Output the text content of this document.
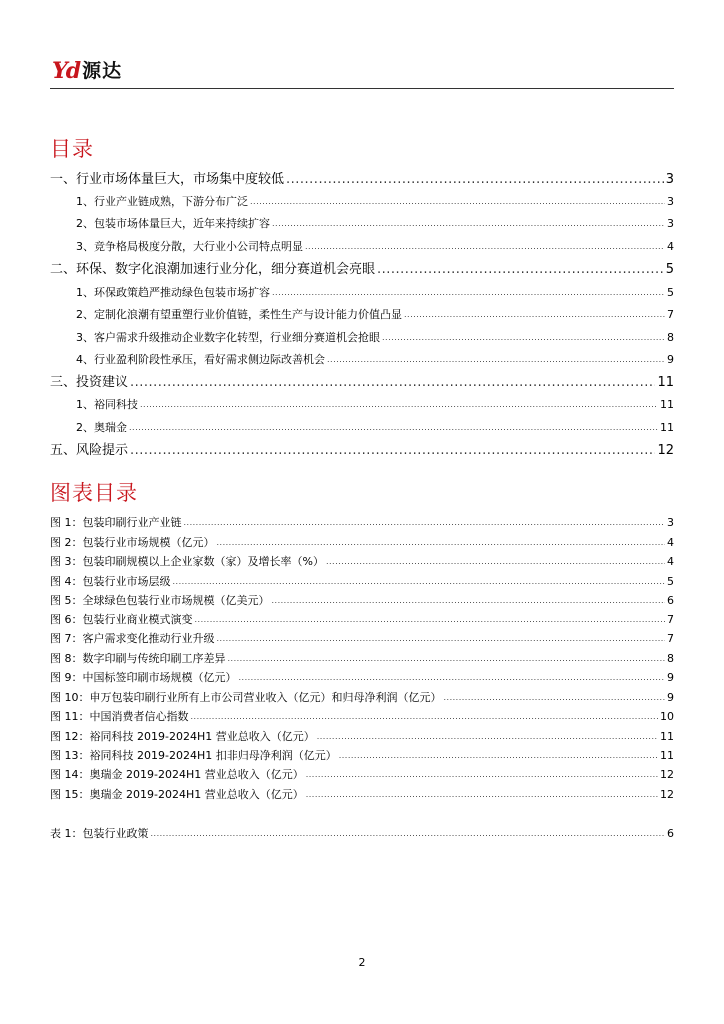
Yd 源达
目录
一、行业市场体量巨大，市场集中度较低 .....	3
1、行业产业链成熟，下游分布广泛 .....	3
2、包装市场体量巨大，近年来持续扩容 .....	3
3、竞争格局极度分散，大行业小公司特点明显 .....	4
二、环保、数字化浪潮加速行业分化，细分赛道机会亮眼 .....	5
1、环保政策趋严推动绿色包装市场扩容 .....	5
2、定制化浪潮有望重塑行业价值链，柔性生产与设计能力价值凸显 .....	7
3、客户需求升级推动企业数字化转型，行业细分赛道机会抢眼 .....	8
4、行业盈利阶段性承压，看好需求侧边际改善机会 .....	9
三、投资建议 .....	11
1、裕同科技 .....	11
2、奥瑞金 .....	11
五、风险提示 .....	12
图表目录
图 1：包装印刷行业产业链 .....	3
图 2：包装行业市场规模（亿元） .....	4
图 3：包装印刷规模以上企业家数（家）及增长率（%） .....	4
图 4：包装行业市场层级 .....	5
图 5：全球绿色包装行业市场规模（亿美元） .....	6
图 6：包装行业商业模式演变 .....	7
图 7：客户需求变化推动行业升级 .....	7
图 8：数字印刷与传统印刷工序差异 .....	8
图 9：中国标签印刷市场规模（亿元） .....	9
图 10：申万包装印刷行业所有上市公司营业收入（亿元）和归母净利润（亿元） .....	9
图 11：中国消费者信心指数 .....	10
图 12：裕同科技 2019-2024H1 营业总收入（亿元） .....	11
图 13：裕同科技 2019-2024H1 扣非归母净利润（亿元） .....	11
图 14：奥瑞金 2019-2024H1 营业总收入（亿元） .....	12
图 15：奥瑞金 2019-2024H1 营业总收入（亿元） .....	12
表 1：包装行业政策 .....	6
2
